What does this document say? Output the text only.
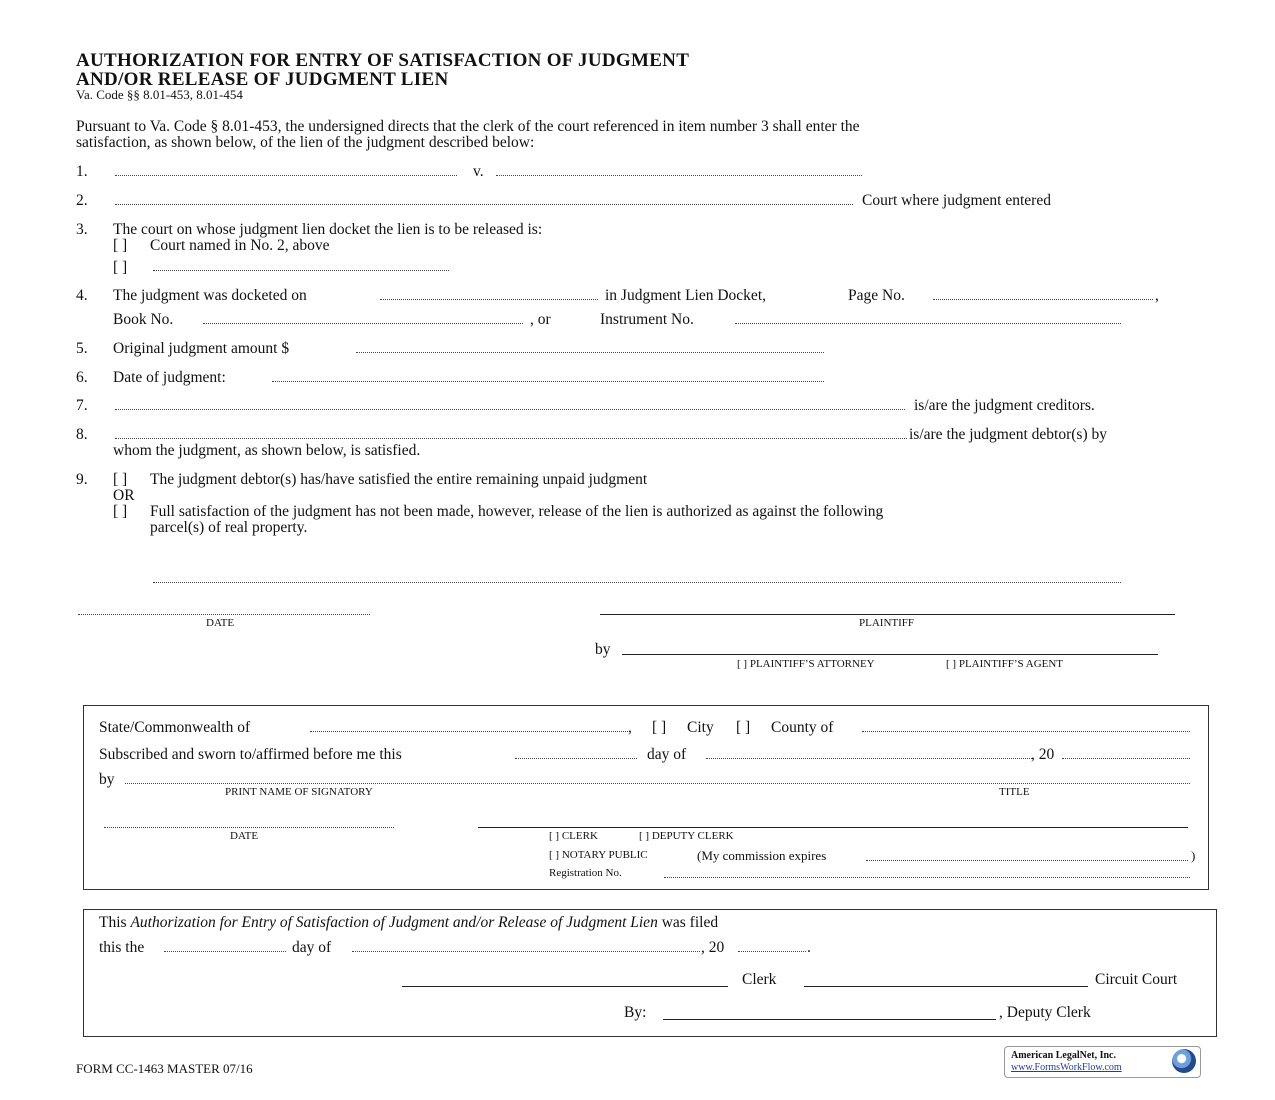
AUTHORIZATION FOR ENTRY OF SATISFACTION OF JUDGMENT
AND/OR RELEASE OF JUDGMENT LIEN
Va. Code §§ 8.01-453, 8.01-454
Pursuant to Va. Code § 8.01-453, the undersigned directs that the clerk of the court referenced in item number 3 shall enter the
satisfaction, as shown below, of the lien of the judgment described below:
1.	v.
2.	Court where judgment entered
3. The court on whose judgment lien docket the lien is to be released is:
[ ] Court named in No. 2, above
[ ]
4. The judgment was docketed on	in Judgment Lien Docket,	Page No.	,
Book No.	, or	Instrument No.
5. Original judgment amount $
6. Date of judgment:
7.	is/are the judgment creditors.
8.	is/are the judgment debtor(s) by
whom the judgment, as shown below, is satisfied.
9. [ ] The judgment debtor(s) has/have satisfied the entire remaining unpaid judgment
OR
[ ] Full satisfaction of the judgment has not been made, however, release of the lien is authorized as against the following
parcel(s) of real property.
DATE	PLAINTIFF
by
[ ] PLAINTIFF’S ATTORNEY	[ ] PLAINTIFF’S AGENT
State/Commonwealth of	, [ ] City [ ] County of
Subscribed and sworn to/affirmed before me this	day of	, 20
by
PRINT NAME OF SIGNATORY	TITLE
DATE	[ ] CLERK	[ ] DEPUTY CLERK
[ ] NOTARY PUBLIC	(My commission expires	)
Registration No.
This Authorization for Entry of Satisfaction of Judgment and/or Release of Judgment Lien was filed
this the	day of	, 20	.
Clerk	Circuit Court
By:	, Deputy Clerk
FORM CC-1463 MASTER 07/16
American LegalNet, Inc.
www.FormsWorkFlow.com
